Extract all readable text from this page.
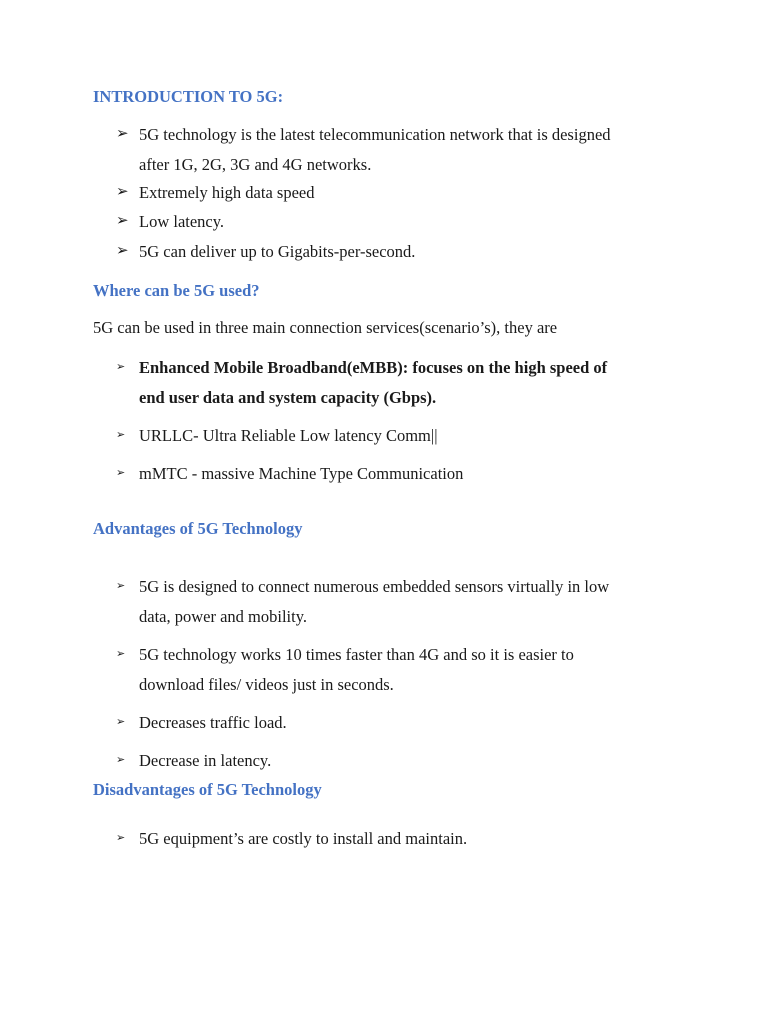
INTRODUCTION TO 5G:
➢ 5G technology is the latest telecommunication network that is designed
after 1G, 2G, 3G and 4G networks.
➢ Extremely high data speed
➢ Low latency.
➢ 5G can deliver up to Gigabits-per-second.
Where can be 5G used?

5G can be used in three main connection services(scenario’s), they are

➢ Enhanced Mobile Broadband(eMBB): focuses on the high speed of
end user data and system capacity (Gbps).
➢ URLLC- Ultra Reliable Low latency Comm||
➢ mMTC - massive Machine Type Communication
Advantages of 5G Technology
➢ 5G is designed to connect numerous embedded sensors virtually in low
data, power and mobility.
➢ 5G technology works 10 times faster than 4G and so it is easier to
download files/ videos just in seconds.
➢ Decreases traffic load.
➢ Decrease in latency.
Disadvantages of 5G Technology
➢ 5G equipment’s are costly to install and maintain.
